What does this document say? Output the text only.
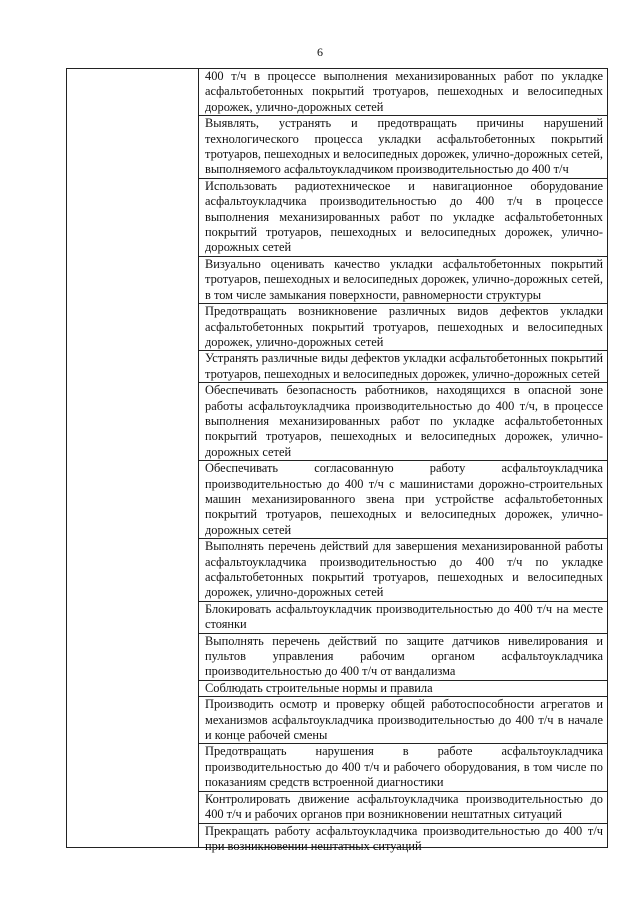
6
400 т/ч в процессе выполнения механизированных работ по укладке асфальтобетонных покрытий тротуаров, пешеходных и велосипедных дорожек, улично-дорожных сетей
Выявлять, устранять и предотвращать причины нарушений технологического процесса укладки асфальтобетонных покрытий тротуаров, пешеходных и велосипедных дорожек, улично-дорожных сетей, выполняемого асфальтоукладчиком производительностью до 400 т/ч
Использовать радиотехническое и навигационное оборудование асфальтоукладчика производительностью до 400 т/ч в процессе выполнения механизированных работ по укладке асфальтобетонных покрытий тротуаров, пешеходных и велосипедных дорожек, улично-дорожных сетей
Визуально оценивать качество укладки асфальтобетонных покрытий тротуаров, пешеходных и велосипедных дорожек, улично-дорожных сетей, в том числе замыкания поверхности, равномерности структуры
Предотвращать возникновение различных видов дефектов укладки асфальтобетонных покрытий тротуаров, пешеходных и велосипедных дорожек, улично-дорожных сетей
Устранять различные виды дефектов укладки асфальтобетонных покрытий тротуаров, пешеходных и велосипедных дорожек, улично-дорожных сетей
Обеспечивать безопасность работников, находящихся в опасной зоне работы асфальтоукладчика производительностью до 400 т/ч, в процессе выполнения механизированных работ по укладке асфальтобетонных покрытий тротуаров, пешеходных и велосипедных дорожек, улично-дорожных сетей
Обеспечивать согласованную работу асфальтоукладчика производительностью до 400 т/ч с машинистами дорожно-строительных машин механизированного звена при устройстве асфальтобетонных покрытий тротуаров, пешеходных и велосипедных дорожек, улично-дорожных сетей
Выполнять перечень действий для завершения механизированной работы асфальтоукладчика производительностью до 400 т/ч по укладке асфальтобетонных покрытий тротуаров, пешеходных и велосипедных дорожек, улично-дорожных сетей
Блокировать асфальтоукладчик производительностью до 400 т/ч на месте стоянки
Выполнять перечень действий по защите датчиков нивелирования и пультов управления рабочим органом асфальтоукладчика производительностью до 400 т/ч от вандализма
Соблюдать строительные нормы и правила
Производить осмотр и проверку общей работоспособности агрегатов и механизмов асфальтоукладчика производительностью до 400 т/ч в начале и конце рабочей смены
Предотвращать нарушения в работе асфальтоукладчика производительностью до 400 т/ч и рабочего оборудования, в том числе по показаниям средств встроенной диагностики
Контролировать движение асфальтоукладчика производительностью до 400 т/ч и рабочих органов при возникновении нештатных ситуаций
Прекращать работу асфальтоукладчика производительностью до 400 т/ч при возникновении нештатных ситуаций
